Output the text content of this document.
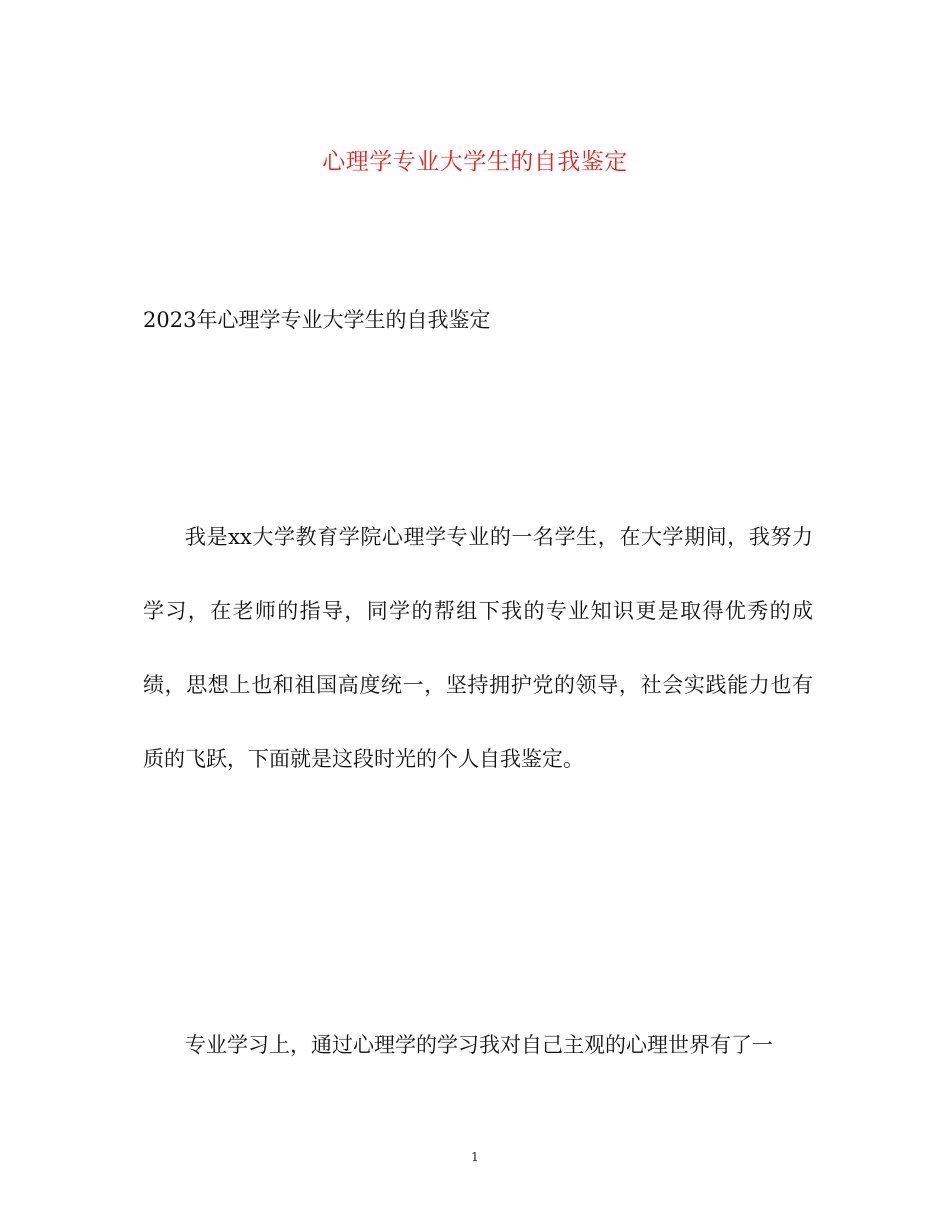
心理学专业大学生的自我鉴定
2023年心理学专业大学生的自我鉴定
我是xx大学教育学院心理学专业的一名学生，在大学期间，我努力学习，在老师的指导，同学的帮组下我的专业知识更是取得优秀的成绩，思想上也和祖国高度统一，坚持拥护党的领导，社会实践能力也有质的飞跃，下面就是这段时光的个人自我鉴定。
专业学习上，通过心理学的学习我对自己主观的心理世界有了一
1
